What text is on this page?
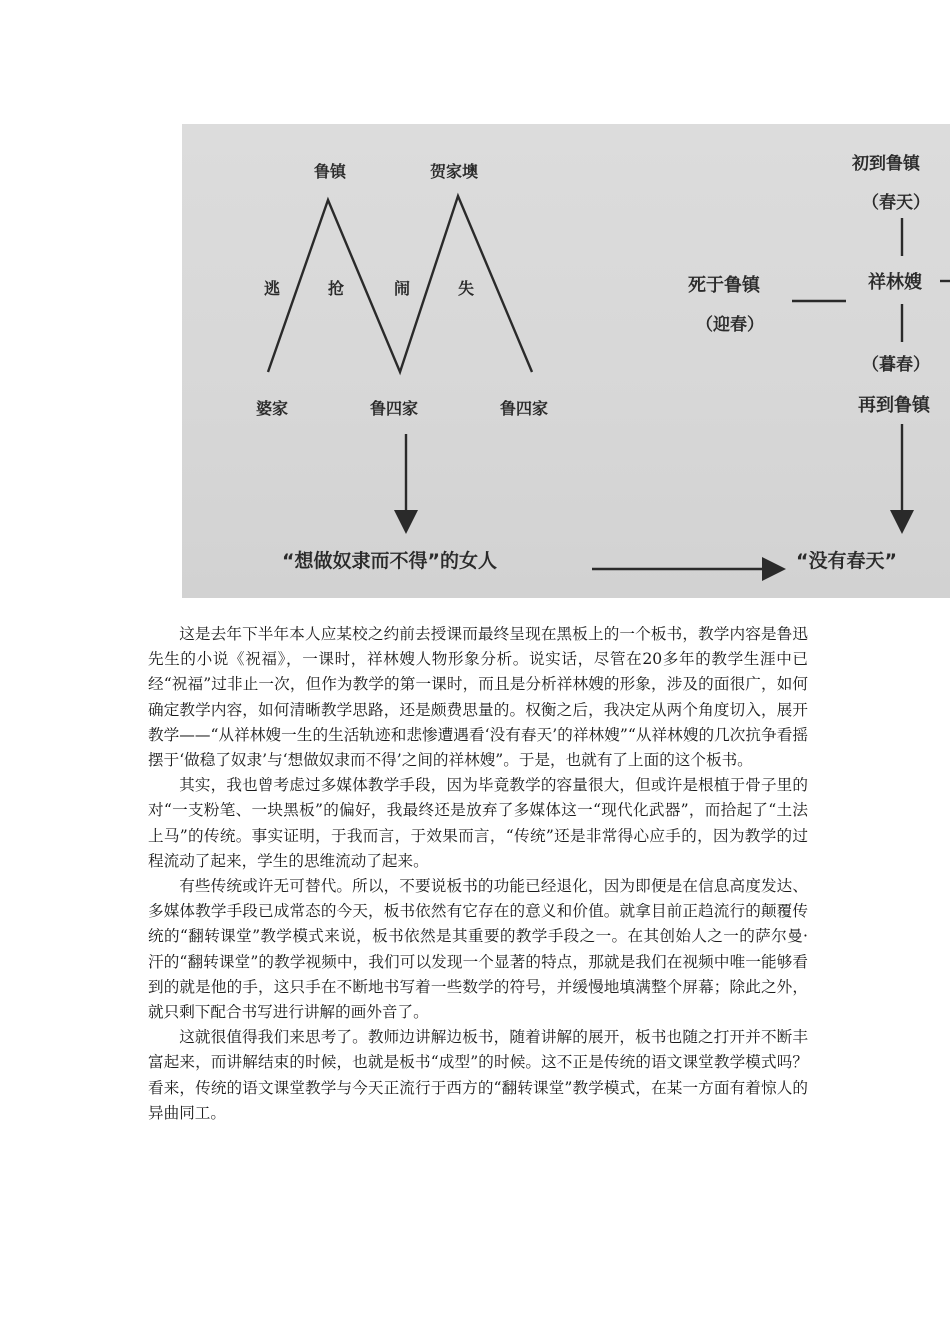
鲁镇	贺家墺
逃	抢	闹	失
婆家	鲁四家	鲁四家
初到鲁镇
（春天）
祥林嫂
死于鲁镇
（迎春）
（暮春）
再到鲁镇
“想做奴隶而不得”的女人	“没有春天”

这是去年下半年本人应某校之约前去授课而最终呈现在黑板上的一个板书，教学内容是鲁迅先生的小说《祝福》，一课时，祥林嫂人物形象分析。说实话，尽管在20多年的教学生涯中已经“祝福”过非止一次，但作为教学的第一课时，而且是分析祥林嫂的形象，涉及的面很广，如何确定教学内容，如何清晰教学思路，还是颇费思量的。权衡之后，我决定从两个角度切入，展开教学——“从祥林嫂一生的生活轨迹和悲惨遭遇看‘没有春天’的祥林嫂”“从祥林嫂的几次抗争看摇摆于‘做稳了奴隶’与‘想做奴隶而不得’之间的祥林嫂”。于是，也就有了上面的这个板书。

其实，我也曾考虑过多媒体教学手段，因为毕竟教学的容量很大，但或许是根植于骨子里的对“一支粉笔、一块黑板”的偏好，我最终还是放弃了多媒体这一“现代化武器”，而拾起了“土法上马”的传统。事实证明，于我而言，于效果而言，“传统”还是非常得心应手的，因为教学的过程流动了起来，学生的思维流动了起来。

有些传统或许无可替代。所以，不要说板书的功能已经退化，因为即便是在信息高度发达、多媒体教学手段已成常态的今天，板书依然有它存在的意义和价值。就拿目前正趋流行的颠覆传统的“翻转课堂”教学模式来说，板书依然是其重要的教学手段之一。在其创始人之一的萨尔曼·汗的“翻转课堂”的教学视频中，我们可以发现一个显著的特点，那就是我们在视频中唯一能够看到的就是他的手，这只手在不断地书写着一些数学的符号，并缓慢地填满整个屏幕；除此之外，就只剩下配合书写进行讲解的画外音了。

这就很值得我们来思考了。教师边讲解边板书，随着讲解的展开，板书也随之打开并不断丰富起来，而讲解结束的时候，也就是板书“成型”的时候。这不正是传统的语文课堂教学模式吗？看来，传统的语文课堂教学与今天正流行于西方的“翻转课堂”教学模式，在某一方面有着惊人的异曲同工。
